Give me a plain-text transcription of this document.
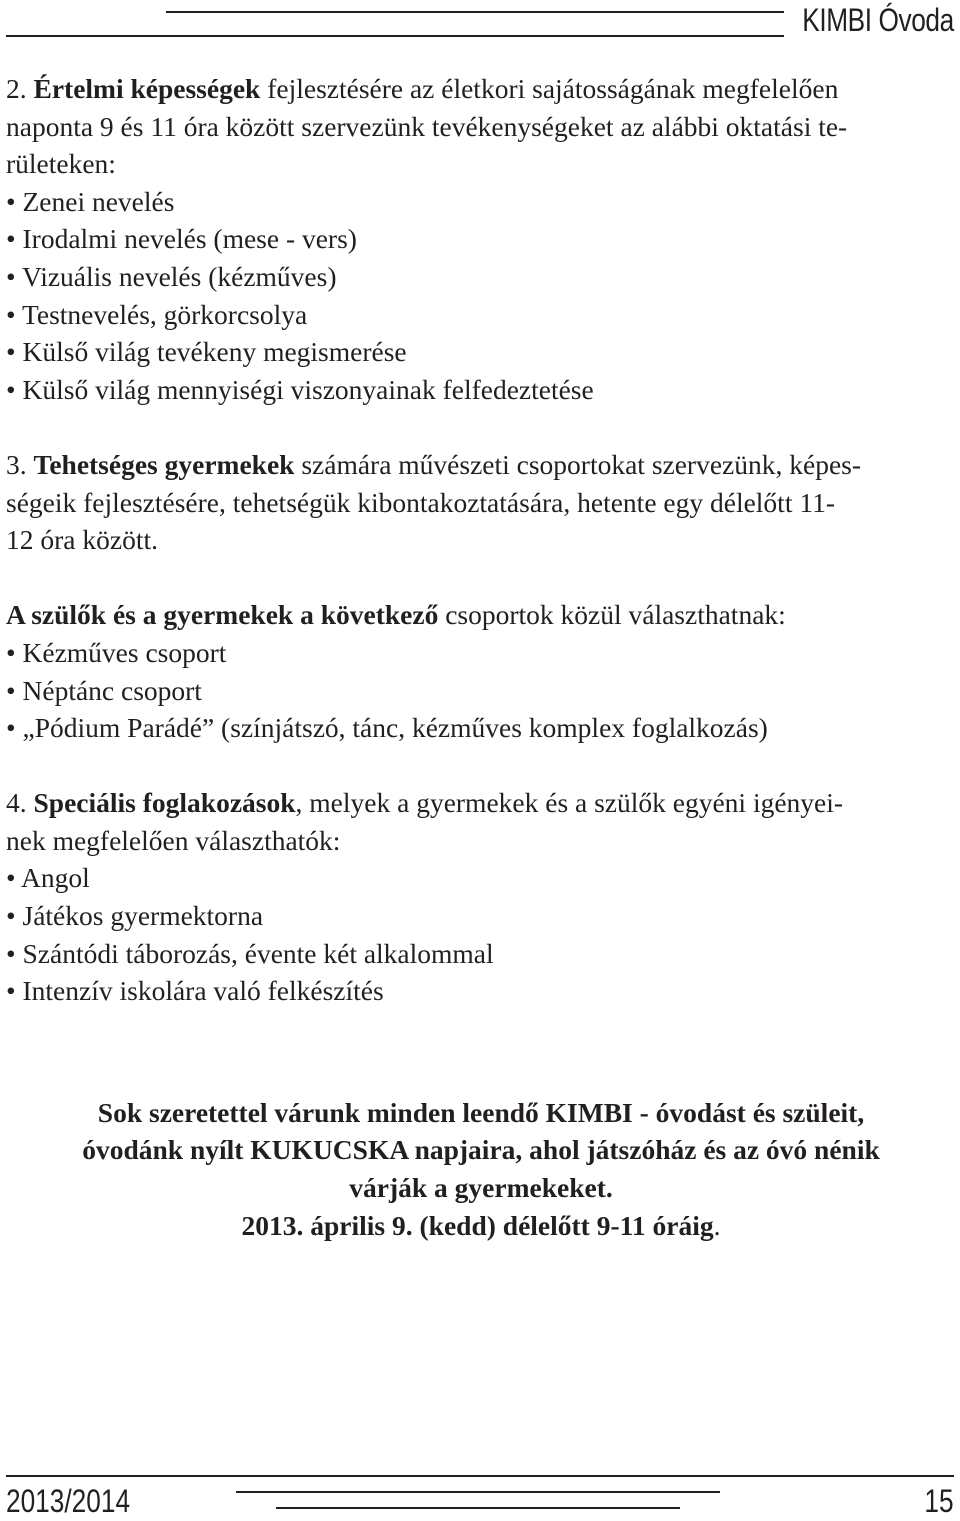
KIMBI Óvoda

2. Értelmi képességek fejlesztésére az életkori sajátosságának megfelelően

naponta 9 és 11 óra között szervezünk tevékenységeket az alábbi oktatási te-

rületeken:

• Zenei nevelés

• Irodalmi nevelés (mese - vers)

• Vizuális nevelés (kézműves)

• Testnevelés, görkorcsolya

• Külső világ tevékeny megismerése

• Külső világ mennyiségi viszonyainak felfedeztetése

3. Tehetséges gyermekek számára művészeti csoportokat szervezünk, képes-

ségeik fejlesztésére, tehetségük kibontakoztatására, hetente egy délelőtt 11-

12 óra között.

A szülők és a gyermekek a következő csoportok közül választhatnak:

• Kézműves csoport

• Néptánc csoport

• „Pódium Parádé” (színjátszó, tánc, kézműves komplex foglalkozás)

4. Speciális foglakozások, melyek a gyermekek és a szülők egyéni igényei-

nek megfelelően választhatók:

• Angol

• Játékos gyermektorna

• Szántódi táborozás, évente két alkalommal

• Intenzív iskolára való felkészítés

Sok szeretettel várunk minden leendő KIMBI - óvodást és szüleit,

óvodánk nyílt KUKUCSKA napjaira, ahol játszóház és az óvó nénik

várják a gyermekeket.

2013. április 9. (kedd) délelőtt 9-11 óráig.

2013/2014	15
